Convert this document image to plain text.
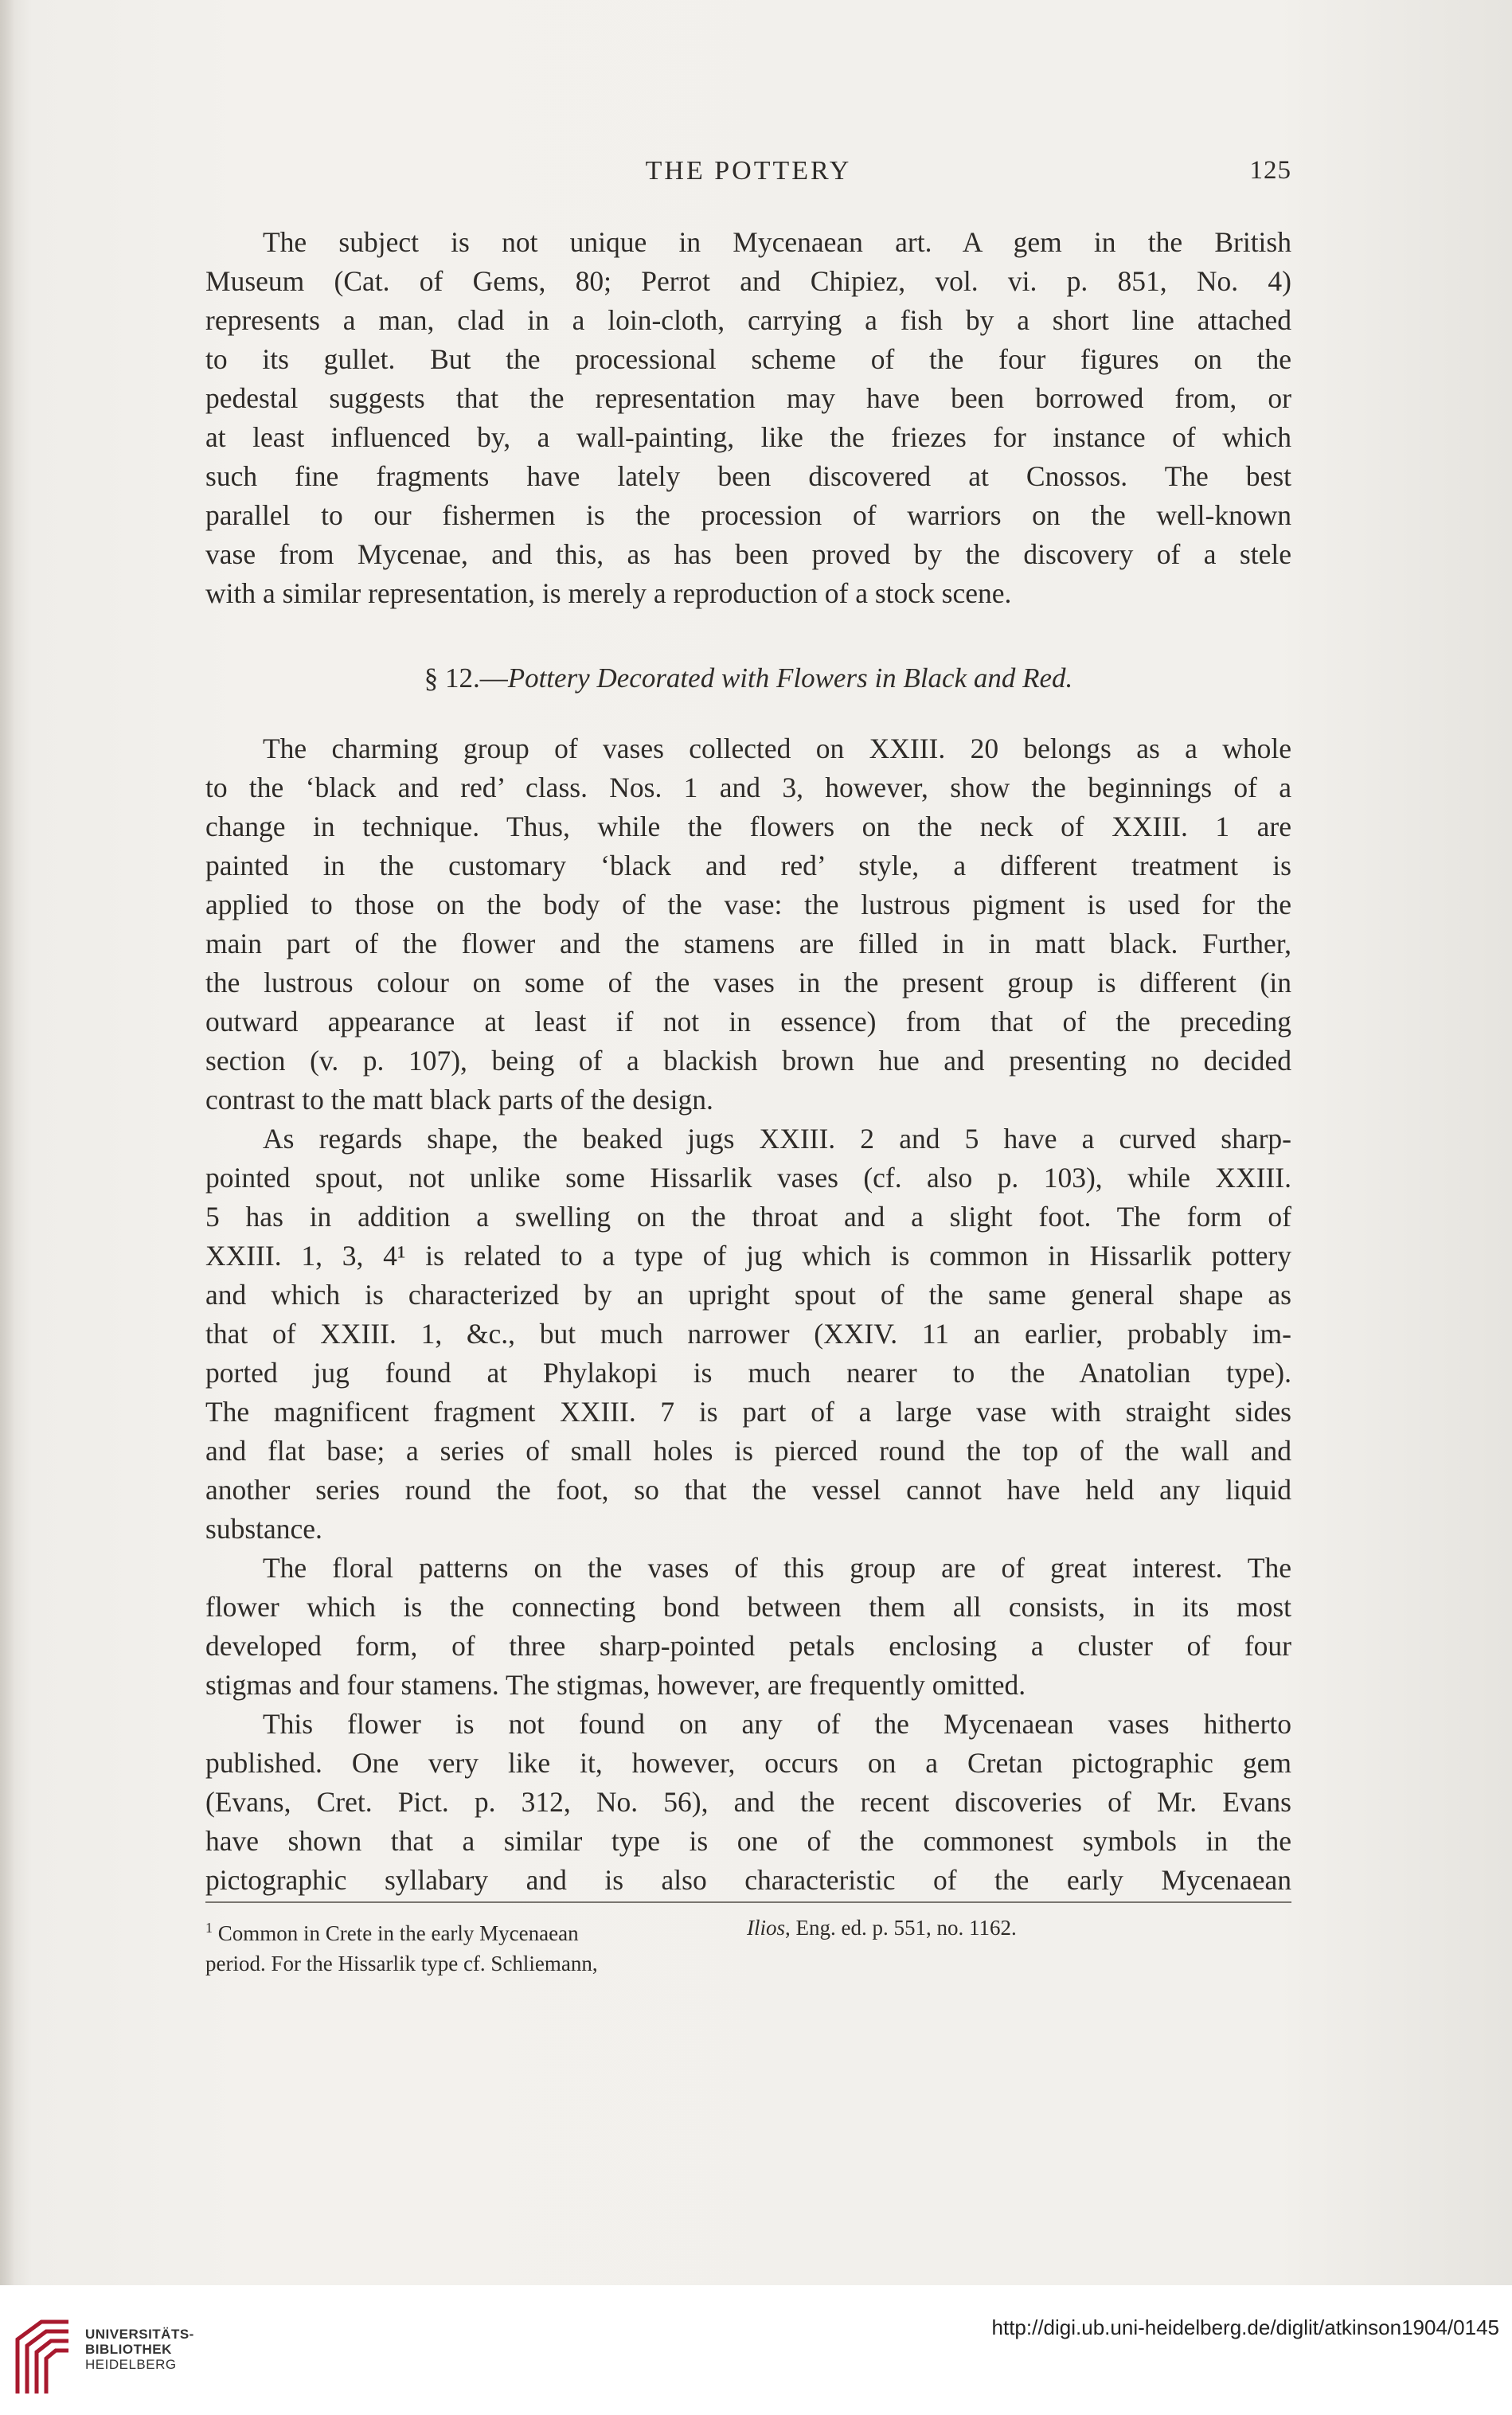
THE POTTERY	125

The subject is not unique in Mycenaean art. A gem in the British
Museum (Cat. of Gems, 80; Perrot and Chipiez, vol. vi. p. 851, No. 4)
represents a man, clad in a loin-cloth, carrying a fish by a short line attached
to its gullet. But the processional scheme of the four figures on the
pedestal suggests that the representation may have been borrowed from, or
at least influenced by, a wall-painting, like the friezes for instance of which
such fine fragments have lately been discovered at Cnossos. The best
parallel to our fishermen is the procession of warriors on the well-known
vase from Mycenae, and this, as has been proved by the discovery of a stele
with a similar representation, is merely a reproduction of a stock scene.

§ 12.—Pottery Decorated with Flowers in Black and Red.

The charming group of vases collected on XXIII. 20 belongs as a whole
to the ‘black and red’ class. Nos. 1 and 3, however, show the beginnings of a
change in technique. Thus, while the flowers on the neck of XXIII. 1 are
painted in the customary ‘black and red’ style, a different treatment is
applied to those on the body of the vase: the lustrous pigment is used for the
main part of the flower and the stamens are filled in in matt black. Further,
the lustrous colour on some of the vases in the present group is different (in
outward appearance at least if not in essence) from that of the preceding
section (v. p. 107), being of a blackish brown hue and presenting no decided
contrast to the matt black parts of the design.

As regards shape, the beaked jugs XXIII. 2 and 5 have a curved sharp-
pointed spout, not unlike some Hissarlik vases (cf. also p. 103), while XXIII.
5 has in addition a swelling on the throat and a slight foot. The form of
XXIII. 1, 3, 4¹ is related to a type of jug which is common in Hissarlik pottery
and which is characterized by an upright spout of the same general shape as
that of XXIII. 1, &c., but much narrower (XXIV. 11 an earlier, probably im-
ported jug found at Phylakopi is much nearer to the Anatolian type).
The magnificent fragment XXIII. 7 is part of a large vase with straight sides
and flat base; a series of small holes is pierced round the top of the wall and
another series round the foot, so that the vessel cannot have held any liquid
substance.

The floral patterns on the vases of this group are of great interest. The
flower which is the connecting bond between them all consists, in its most
developed form, of three sharp-pointed petals enclosing a cluster of four
stigmas and four stamens. The stigmas, however, are frequently omitted.

This flower is not found on any of the Mycenaean vases hitherto
published. One very like it, however, occurs on a Cretan pictographic gem
(Evans, Cret. Pict. p. 312, No. 56), and the recent discoveries of Mr. Evans
have shown that a similar type is one of the commonest symbols in the
pictographic syllabary and is also characteristic of the early Mycenaean

$^1$ Common in Crete in the early Mycenaean
period. For the Hissarlik type cf. Schliemann,
Ilios, Eng. ed. p. 551, no. 1162.
UNIVERSITÄTS-
BIBLIOTHEK
HEIDELBERG
http://digi.ub.uni-heidelberg.de/diglit/atkinson1904/0145
